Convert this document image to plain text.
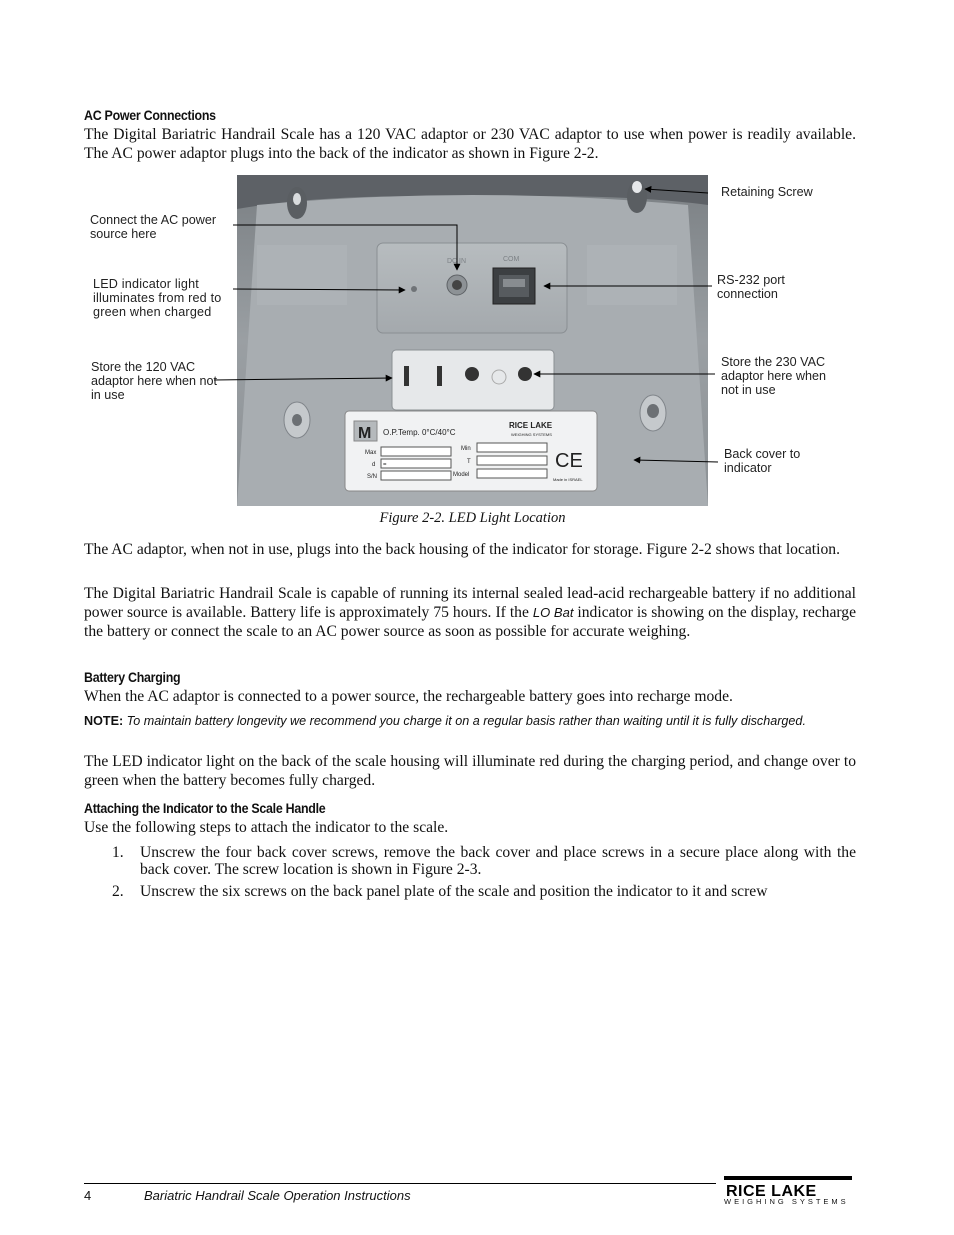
AC Power Connections
The Digital Bariatric Handrail Scale has a 120 VAC adaptor or 230 VAC adaptor to use when power is readily available. The AC power adaptor plugs into the back of the indicator as shown in Figure 2-2.
DC IN	COM
M O.P.Temp. 0°C/40°C
RICE LAKE
WEIGHING SYSTEMS
Max
d =
S/N
Min
T
Model
CE
Made in ISRAEL
Connect the AC power source here
LED indicator light illuminates from red to green when charged
Store the 120 VAC adaptor here when not in use
Retaining Screw
RS-232 port connection
Store the 230 VAC adaptor here when not in use
Back cover to indicator
Figure 2-2. LED Light Location
The AC adaptor, when not in use, plugs into the back housing of the indicator for storage. Figure 2-2 shows that location.
The Digital Bariatric Handrail Scale is capable of running its internal sealed lead-acid rechargeable battery if no additional power source is available. Battery life is approximately 75 hours. If the LO Bat indicator is showing on the display, recharge the battery or connect the scale to an AC power source as soon as possible for accurate weighing.
Battery Charging
When the AC adaptor is connected to a power source, the rechargeable battery goes into recharge mode.
NOTE: To maintain battery longevity we recommend you charge it on a regular basis rather than waiting until it is fully discharged.
The LED indicator light on the back of the scale housing will illuminate red during the charging period, and change over to green when the battery becomes fully charged.
Attaching the Indicator to the Scale Handle
Use the following steps to attach the indicator to the scale.
1. Unscrew the four back cover screws, remove the back cover and place screws in a secure place along with the back cover. The screw location is shown in Figure 2-3.
2. Unscrew the six screws on the back panel plate of the scale and position the indicator to it and screw
4	Bariatric Handrail Scale Operation Instructions	RICE LAKE
WEIGHING SYSTEMS
